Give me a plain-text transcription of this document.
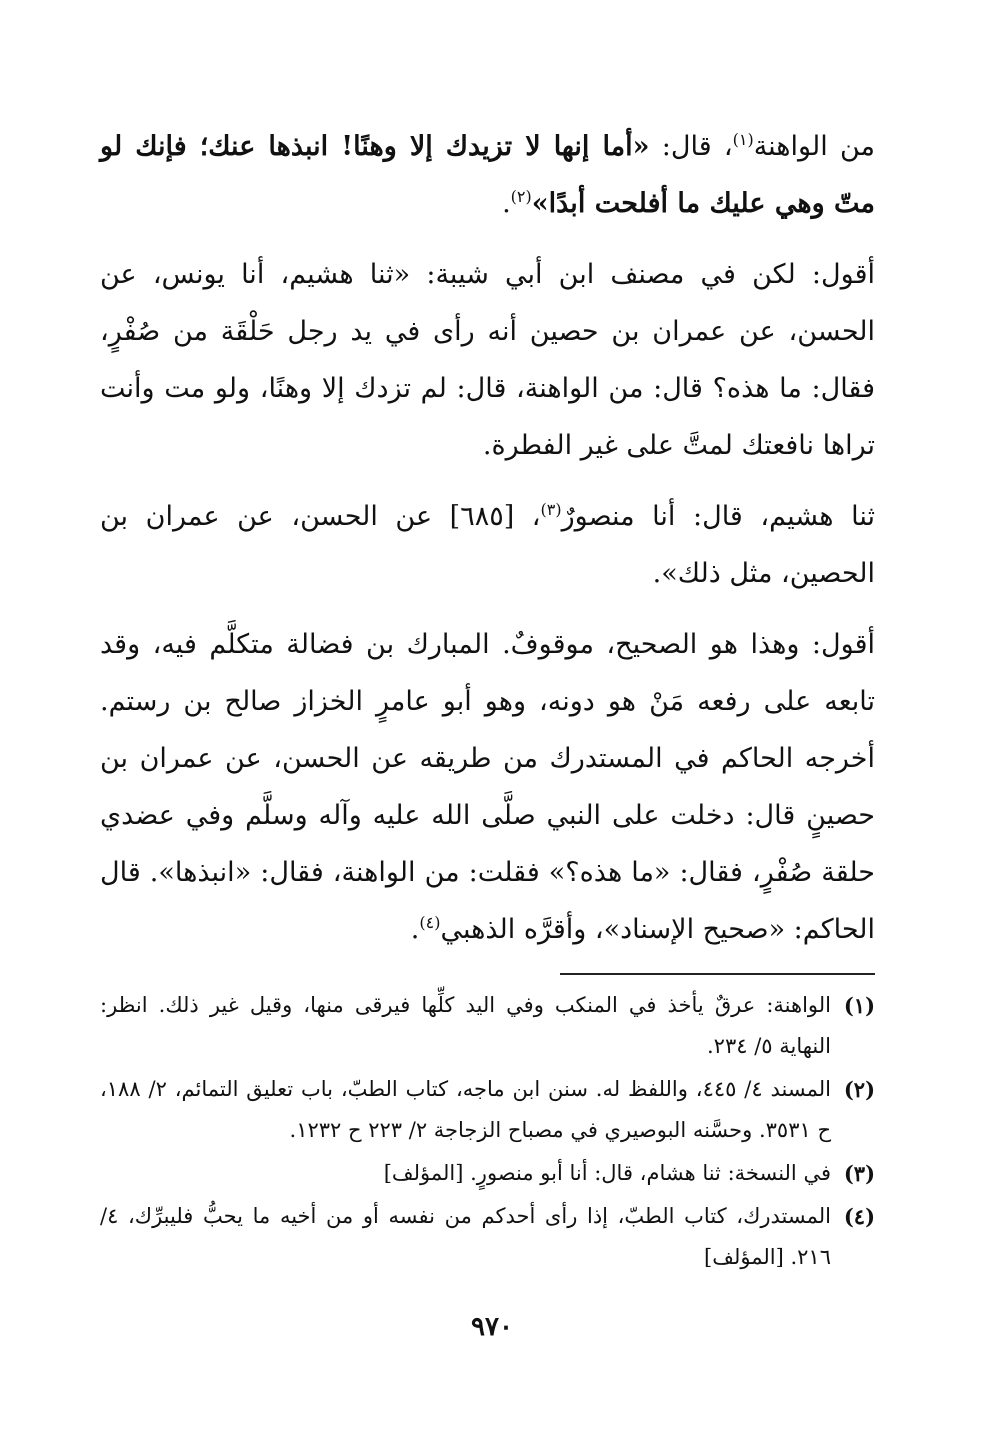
من الواهنة$^{(١)}$، قال: «أما إنها لا تزيدك إلا وهنًا! انبذها عنك؛ فإنك لو متّ وهي عليك ما أفلحت أبدًا»$^{(٢)}$.

أقول: لكن في مصنف ابن أبي شيبة: «ثنا هشيم، أنا يونس، عن الحسن، عن عمران بن حصين أنه رأى في يد رجل حَلْقَة من صُفْرٍ، فقال: ما هذه؟ قال: من الواهنة، قال: لم تزدك إلا وهنًا، ولو مت وأنت تراها نافعتك لمتَّ على غير الفطرة.

ثنا هشيم، قال: أنا منصورٌ$^{(٣)}$، [٦٨٥] عن الحسن، عن عمران بن الحصين، مثل ذلك».

أقول: وهذا هو الصحيح، موقوفٌ. المبارك بن فضالة متكلَّم فيه، وقد تابعه على رفعه مَنْ هو دونه، وهو أبو عامرٍ الخزاز صالح بن رستم. أخرجه الحاكم في المستدرك من طريقه عن الحسن، عن عمران بن حصينٍ قال: دخلت على النبي صلَّى الله عليه وآله وسلَّم وفي عضدي حلقة صُفْرٍ، فقال: «ما هذه؟» فقلت: من الواهنة، فقال: «انبذها». قال الحاكم: «صحيح الإسناد»، وأقرَّه الذهبي$^{(٤)}$.

(١)
الواهنة: عرقٌ يأخذ في المنكب وفي اليد كلِّها فيرقى منها، وقيل غير ذلك. انظر: النهاية ٥/ ٢٣٤.
(٢)
المسند ٤/ ٤٤٥، واللفظ له. سنن ابن ماجه، كتاب الطبّ، باب تعليق التمائم، ٢/ ١٨٨، ح ٣٥٣١. وحسَّنه البوصيري في مصباح الزجاجة ٢/ ٢٢٣ ح ١٢٣٢.
(٣)
في النسخة: ثنا هشام، قال: أنا أبو منصورٍ. [المؤلف]
(٤)
المستدرك، كتاب الطبّ، إذا رأى أحدكم من نفسه أو من أخيه ما يحبُّ فليبرِّك، ٤/ ٢١٦. [المؤلف]
٩٧٠
